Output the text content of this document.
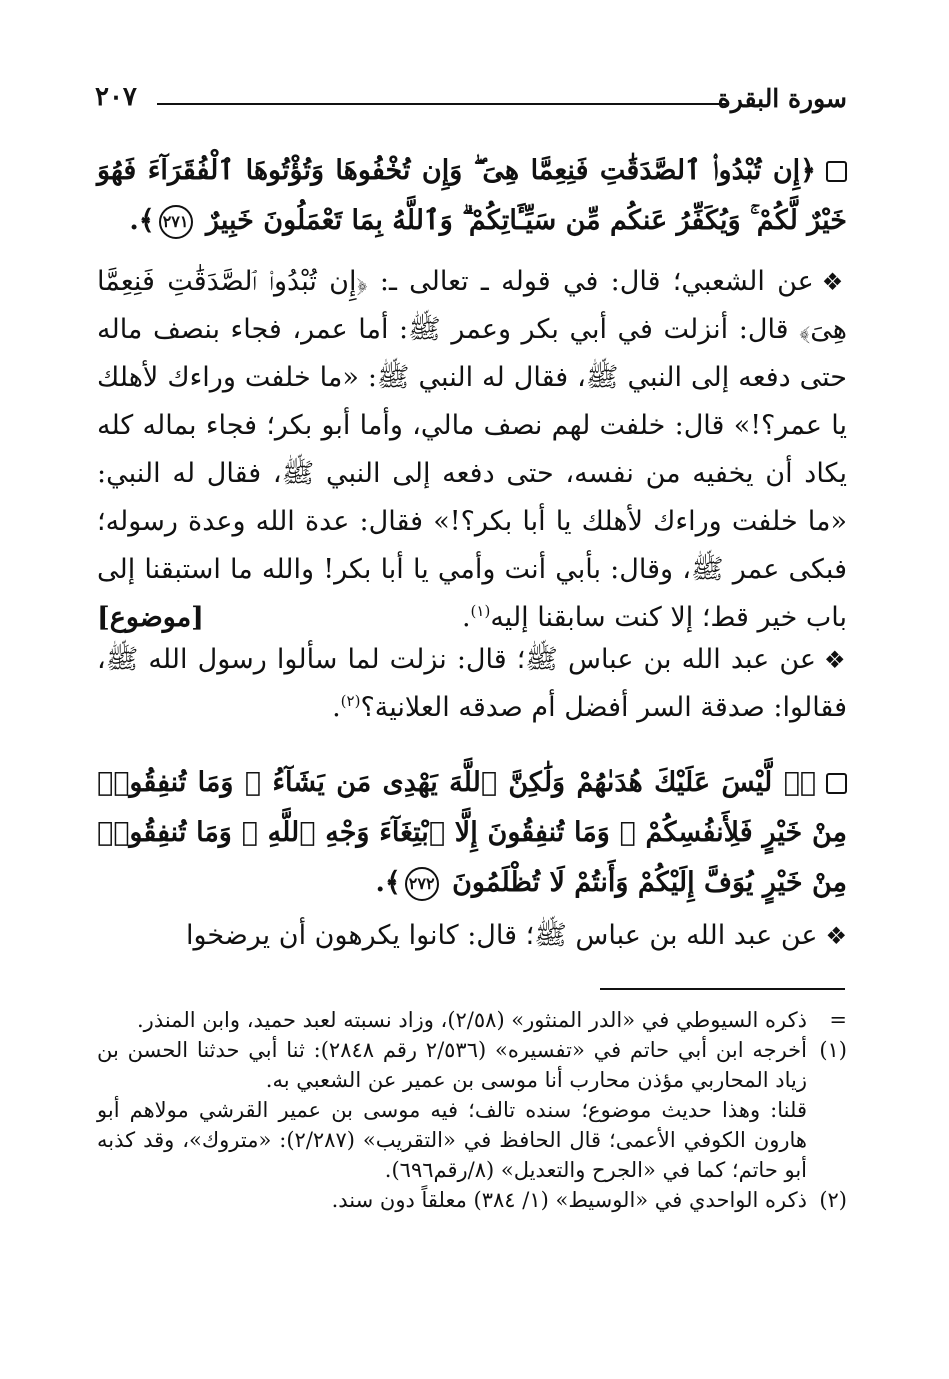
سورة البقرة
٢٠٧

﴿إِن تُبْدُوا۟ ٱلصَّدَقَٰتِ فَنِعِمَّا هِىَ ۖ وَإِن تُخْفُوهَا وَتُؤْتُوهَا ٱلْفُقَرَآءَ فَهُوَ خَيْرٌ لَّكُمْ ۚ وَيُكَفِّرُ عَنكُم مِّن سَيِّـَٔاتِكُمْ ۗ وَٱللَّهُ بِمَا تَعْمَلُونَ خَبِيرٌ ٢٧١﴾.

❖عن الشعبي؛ قال: في قوله ـ تعالى ـ: ﴿إِن تُبْدُوا۟ ٱلصَّدَقَٰتِ فَنِعِمَّا هِىَ﴾ قال: أنزلت في أبي بكر وعمر ﷺ: أما عمر، فجاء بنصف ماله حتى دفعه إلى النبي ﷺ، فقال له النبي ﷺ: «ما خلفت وراءك لأهلك يا عمر؟!» قال: خلفت لهم نصف مالي، وأما أبو بكر؛ فجاء بماله كله يكاد أن يخفيه من نفسه، حتى دفعه إلى النبي ﷺ، فقال له النبي: «ما خلفت وراءك لأهلك يا أبا بكر؟!» فقال: عدة الله وعدة رسوله؛ فبكى عمر ﷺ، وقال: بأبي أنت وأمي يا أبا بكر! والله ما استبقنا إلى باب خير قط؛ إلا كنت سابقنا إليه$^{(١)}$.
[موضوع]

❖عن عبد الله بن عباس ﷺ؛ قال: نزلت لما سألوا رسول الله ﷺ، فقالوا: صدقة السر أفضل أم صدقه العلانية؟$^{(٢)}$.

﴿۞ لَّيْسَ عَلَيْكَ هُدَىٰهُمْ وَلَٰكِنَّ ٱللَّهَ يَهْدِى مَن يَشَآءُ ۗ وَمَا تُنفِقُوا۟ مِنْ خَيْرٍ فَلِأَنفُسِكُمْ ۚ وَمَا تُنفِقُونَ إِلَّا ٱبْتِغَآءَ وَجْهِ ٱللَّهِ ۚ وَمَا تُنفِقُوا۟ مِنْ خَيْرٍ يُوَفَّ إِلَيْكُمْ وَأَنتُمْ لَا تُظْلَمُونَ ٢٧٢﴾.

❖عن عبد الله بن عباس ﷺ؛ قال: كانوا يكرهون أن يرضخوا

=
ذكره السيوطي في «الدر المنثور» (٢/٥٨)، وزاد نسبته لعبد حميد، وابن المنذر.
(١)
أخرجه ابن أبي حاتم في «تفسيره» (٢/٥٣٦ رقم ٢٨٤٨): ثنا أبي حدثنا الحسن بن زياد المحاربي مؤذن محارب أنا موسى بن عمير عن الشعبي به.
قلنا: وهذا حديث موضوع؛ سنده تالف؛ فيه موسى بن عمير القرشي مولاهم أبو هارون الكوفي الأعمى؛ قال الحافظ في «التقريب» (٢/٢٨٧): «متروك»، وقد كذبه أبو حاتم؛ كما في «الجرح والتعديل» (٨/رقم٦٩٦).
(٢)
ذكره الواحدي في «الوسيط» (١/ ٣٨٤) معلقاً دون سند.
